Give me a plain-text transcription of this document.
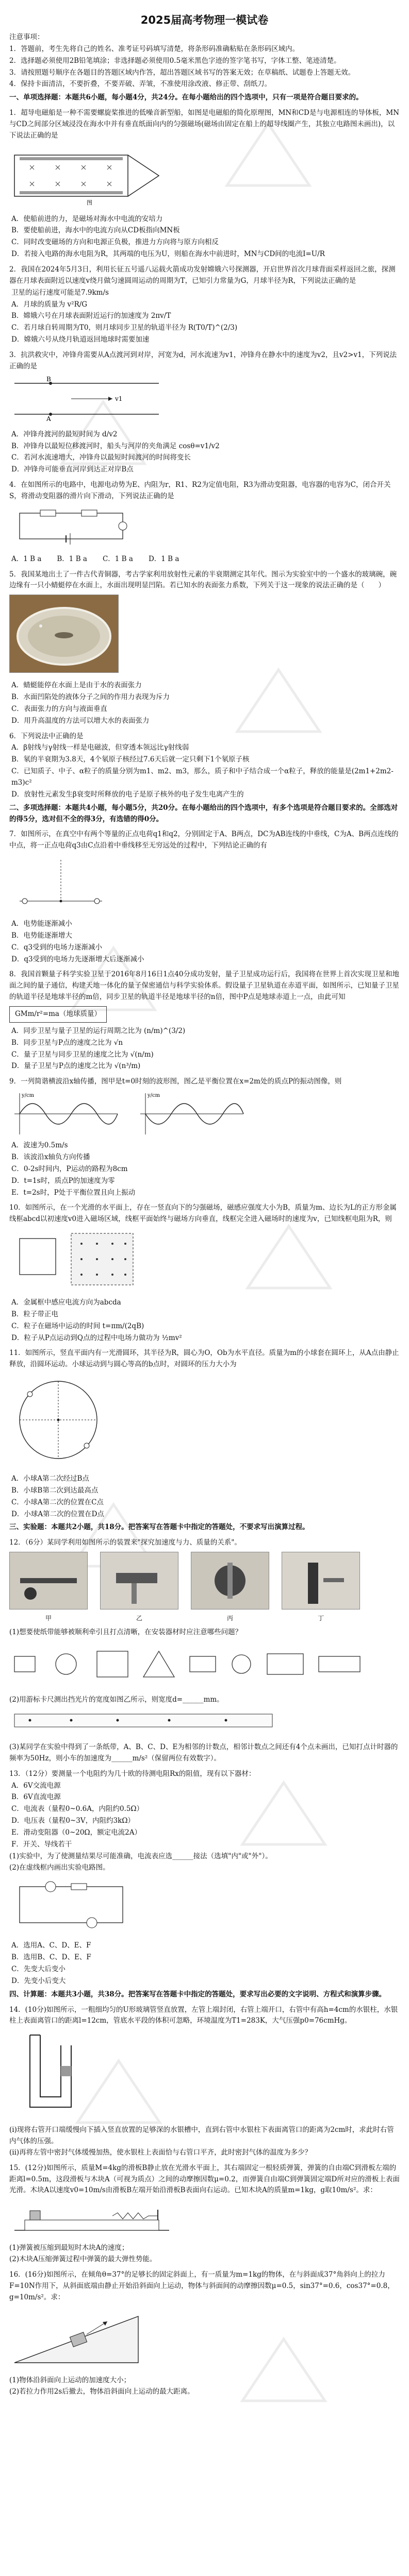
2025届高考物理一模试卷

注意事项：

1．答题前，考生先将自己的姓名、准考证号码填写清楚，将条形码准确粘贴在条形码区域内。

2．选择题必须使用2B铅笔填涂；非选择题必须使用0.5毫米黑色字迹的签字笔书写，字体工整、笔迹清楚。

3．请按照题号顺序在各题目的答题区域内作答，超出答题区域书写的答案无效；在草稿纸、试题卷上答题无效。

4．保持卡面清洁，不要折叠，不要弄破、弄皱，不准使用涂改液、修正带、刮纸刀。

一、单项选择题：本题共6小题，每小题4分，共24分。在每小题给出的四个选项中，只有一项是符合题目要求的。

1．超导电磁船是一种不需要螺旋桨推进的低噪音新型船，如图是电磁船的简化原理图，MN和CD是与电源相连的导体板，MN与CD之间部分区域浸没在海水中并有垂直纸面向内的匀强磁场(磁场由固定在船上的超导线圈产生，其独立电路图未画出)，以下说法正确的是

图

A．使船前进的力，是磁场对海水中电流的安培力

B．要使船前进，海水中的电流方向从CD板指向MN板

C．同时改变磁场的方向和电源正负极，推进力方向将与原方向相反

D．若接入电路的海水电阻为R，其两端的电压为U，则船在海水中前进时，MN与CD间的电流I=U/R

2．我国在2024年5月3日，利用长征五号遥八运载火箭成功发射嫦娥六号探测器，开启世界首次月球背面采样返回之旅，探测器在月球表面附近以速度v绕月做匀速圆周运动的周期为T，已知引力常量为G，月球半径为R，下列说法正确的是

卫星的运行速度可能是7.9km/s

A．月球的质量为 v²R/G

B．嫦娥六号在月球表面附近运行的加速度为 2πv/T

C．若月球自转周期为T0，则月球同步卫星的轨道半径为 R(T0/T)^(2/3)

D．嫦娥六号从绕月轨道返回地球时需要加速

3．抗洪救灾中，冲锋舟需要从A点渡河到对岸，河宽为d，河水流速为v1，冲锋舟在静水中的速度为v2，且v2>v1，下列说法正确的是

A
B
v1

A．冲锋舟渡河的最短时间为 d/v2

B．冲锋舟以最短位移渡河时，船头与河岸的夹角满足 cosθ=v1/v2

C．若河水流速增大，冲锋舟以最短时间渡河的时间将变长

D．冲锋舟可能垂直河岸到达正对岸B点

4．在如图所示的电路中，电源电动势为E、内阻为r，R1、R2为定值电阻，R3为滑动变阻器，电容器的电容为C，闭合开关S，将滑动变阻器的滑片向下滑动，下列说法正确的是

A．1 B a B．1 B a C．1 B a D．1 B a

5．我国某地出土了一件古代青铜器，考古学家利用放射性元素的半衰期测定其年代。图示为实验室中的一个盛水的玻璃碗，碗边缘有一只小蜻蜓停在水面上，水面出现明显凹陷。若已知水的表面张力系数，下列关于这一现象的说法正确的是（　　）

A．蜻蜓能停在水面上是由于水的表面张力

B．水面凹陷处的液体分子之间的作用力表现为斥力

C．表面张力的方向与液面垂直

D．用升高温度的方法可以增大水的表面张力

6．下列说法中正确的是

A．β射线与γ射线一样是电磁波，但穿透本领远比γ射线弱

B．氡的半衰期为3.8天，4个氡原子核经过7.6天后就一定只剩下1个氡原子核

C．已知质子、中子、α粒子的质量分别为m1、m2、m3，那么，质子和中子结合成一个α粒子，释放的能量是(2m1+2m2-m3)c²

D．放射性元素发生β衰变时所释放的电子是原子核外的电子发生电离产生的

二、多项选择题：本题共4小题，每小题5分，共20分。在每小题给出的四个选项中，有多个选项是符合题目要求的。全部选对的得5分，选对但不全的得3分，有选错的得0分。

7．如图所示，在真空中有两个等量的正点电荷q1和q2，分别固定于A、B两点，DC为AB连线的中垂线，C为A、B两点连线的中点，将一正点电荷q3由C点沿着中垂线移至无穷远处的过程中，下列结论正确的有

A．电势能逐渐减小

B．电势能逐渐增大

C．q3受到的电场力逐渐减小

D．q3受到的电场力先逐渐增大后逐渐减小

8．我国首颗量子科学实验卫星于2016年8月16日1点40分成功发射，量子卫星成功运行后，我国将在世界上首次实现卫星和地面之间的量子通信，构建天地一体化的量子保密通信与科学实验体系。假设量子卫星轨道在赤道平面，如图所示，已知量子卫星的轨道半径是地球半径的m倍，同步卫星的轨道半径是地球半径的n倍，图中P点是地球赤道上一点，由此可知

GMm/r²=ma（地球质量）

A．同步卫星与量子卫星的运行周期之比为 (n/m)^(3/2)

B．同步卫星与P点的速度之比为 √n

C．量子卫星与同步卫星的速度之比为 √(n/m)

D．量子卫星与P点的速度之比为 √(n³/m)

9．一列简谐横波沿x轴传播，图甲是t=0时刻的波形图，图乙是平衡位置在x=2m处的质点P的振动图像，则

y/cm	y/cm

A．波速为0.5m/s

B．该波沿x轴负方向传播

C．0-2s时间内，P运动的路程为8cm

D．t=1s时，质点P的加速度为零

E．t=2s时，P处于平衡位置且向上振动

10．如图所示，在一个光滑的水平面上，存在一竖直向下的匀强磁场，磁感应强度大小为B，质量为m、边长为L的正方形金属线框abcd以初速度v0进入磁场区域，线框平面始终与磁场方向垂直，线框完全进入磁场时的速度为v，已知线框电阻为R，则

A．金属框中感应电流方向为abcda

B．粒子带正电

C．粒子在磁场中运动的时间 t=πm/(2qB)

D．粒子从P点运动到Q点的过程中电场力做功为 ½mv²

11．如图所示，竖直平面内有一光滑圆环，其半径为R，圆心为O，Ob为水平直径。质量为m的小球套在圆环上，从A点由静止释放，沿圆环运动。小球运动到与圆心等高的b点时，对圆环的压力大小为

A．小球A第二次经过B点

B．小球B第二次到达最高点

C．小球A第二次的位置在C点

D．小球A第二次的位置在D点

三、实验题：本题共2小题，共18分。把答案写在答题卡中指定的答题处，不要求写出演算过程。

12．（6分）某同学利用如图所示的装置来"探究加速度与力、质量的关系"。

甲	乙	丙	丁

(1)想要使纸带能够被顺利牵引且打点清晰，在安装器材时应注意哪些问题？

(2)用游标卡尺测出挡光片的宽度如图乙所示，则宽度d=______mm。

(3)某同学在实验中得到了一条纸带，A、B、C、D、E为相邻的计数点，相邻计数点之间还有4个点未画出，已知打点计时器的频率为50Hz，则小车的加速度为______m/s²（保留两位有效数字）。

13．（12分）要测量一个电阻约为几十欧的待测电阻Rx的阻值，现有以下器材：

A．6V交流电源

B．6V直流电源

C．电流表（量程0~0.6A，内阻约0.5Ω）

D．电压表（量程0~3V，内阻约3kΩ）

E．滑动变阻器（0~20Ω，额定电流2A）

F．开关、导线若干

(1)实验中，为了使测量结果尽可能准确，电流表应选______接法（选填"内"或"外"）。

(2)在虚线框内画出实验电路图。

A．选用A、C、D、E、F

B．选用B、C、D、E、F

C．先变大后变小

D．先变小后变大

四、计算题：本题共3小题，共38分。把答案写在答题卡中指定的答题处，要求写出必要的文字说明、方程式和演算步骤。

14．(10分)如图所示，一粗细均匀的U形玻璃管竖直放置，左管上端封闭，右管上端开口，右管中有高h=4cm的水银柱，水银柱上表面离管口的距离l=12cm，管底水平段的体积可忽略，环境温度为T1=283K，大气压强p0=76cmHg。

(i)现将右管开口端缓慢向下插入竖直放置的足够深的水银槽中，直到右管中水银柱下表面离管口的距离为2cm时，求此时右管内气体的压强。

(ii)再将左管中密封气体缓慢加热，使水银柱上表面恰与右管口平齐，此时密封气体的温度为多少？

15．(12分)如图所示，质量M=4kg的滑板B静止放在光滑水平面上，其右端固定一根轻质弹簧，弹簧的自由端C到滑板左端的距离l=0.5m，这段滑板与木块A（可视为质点）之间的动摩擦因数μ=0.2，而弹簧自由端C到弹簧固定端D所对应的滑板上表面光滑。木块A以速度v0=10m/s由滑板B左端开始沿滑板B表面向右运动。已知木块A的质量m=1kg，g取10m/s²。求：

(1)弹簧被压缩到最短时木块A的速度；

(2)木块A压缩弹簧过程中弹簧的最大弹性势能。

16．(16分)如图所示，在倾角θ=37°的足够长的固定斜面上，有一质量为m=1kg的物体，在与斜面成37°角斜向上的拉力F=10N作用下，从斜面底端由静止开始沿斜面向上运动，物体与斜面间的动摩擦因数μ=0.5，sin37°=0.6，cos37°=0.8，g=10m/s²。求：

(1)物体沿斜面向上运动的加速度大小；

(2)若拉力作用2s后撤去，物体沿斜面向上运动的最大距离。
